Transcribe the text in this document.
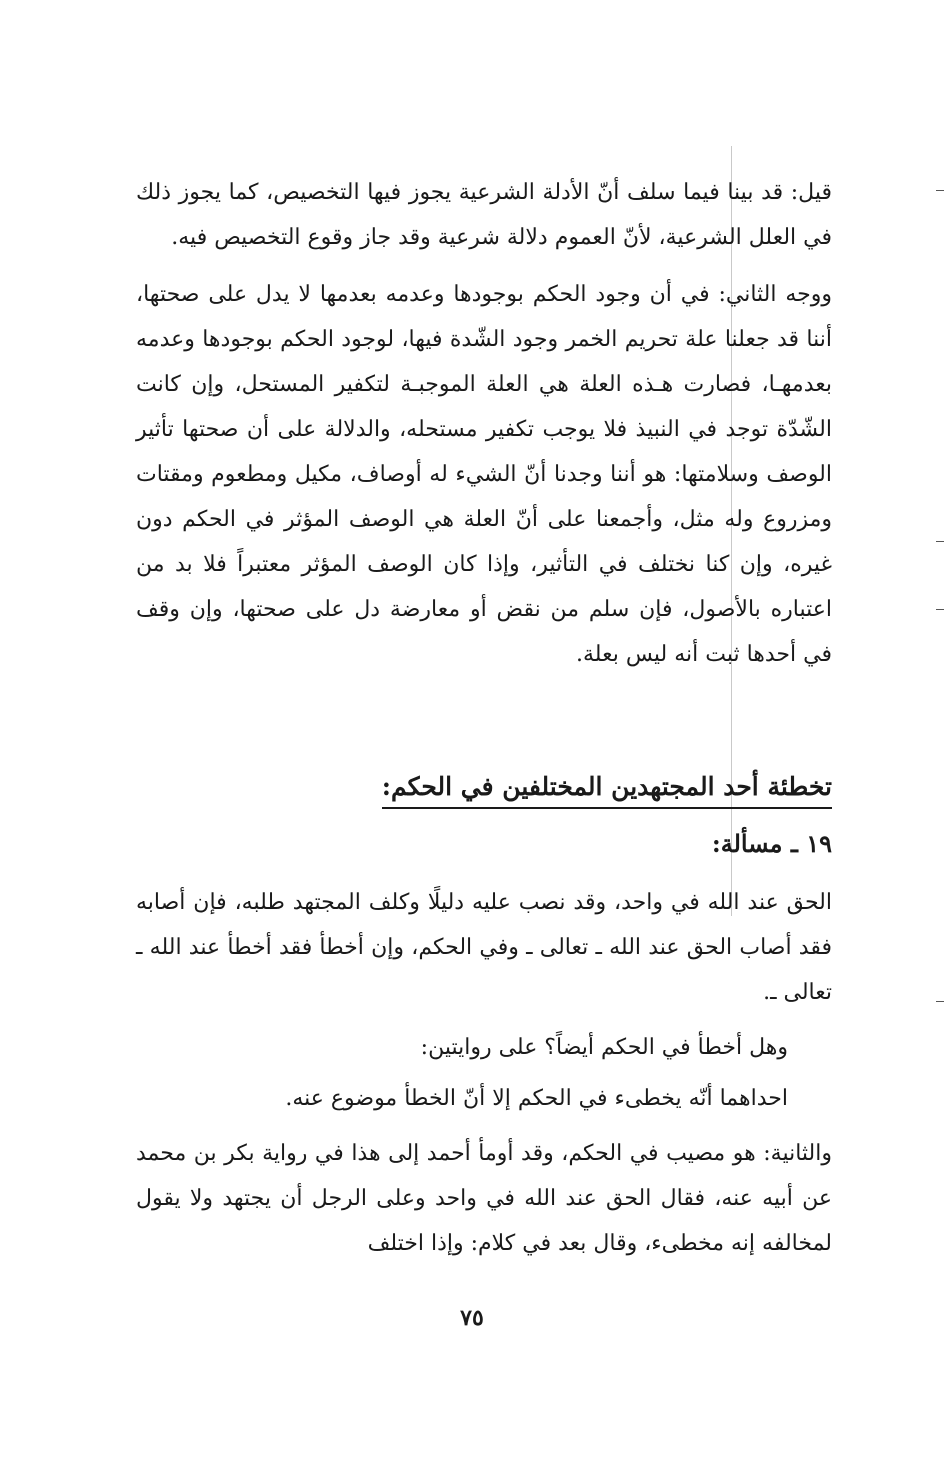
قيل: قد بينا فيما سلف أنّ الأدلة الشرعية يجوز فيها التخصيص، كما يجوز ذلك في العلل الشرعية، لأنّ العموم دلالة شرعية وقد جاز وقوع التخصيص فيه.

ووجه الثاني: في أن وجود الحكم بوجودها وعدمه بعدمها لا يدل على صحتها، أننا قد جعلنا علة تحريم الخمر وجود الشّدة فيها، لوجود الحكم بوجودها وعدمه بعدمهـا، فصارت هـذه العلة هي العلة الموجبـة لتكفير المستحل، وإن كانت الشّدّة توجد في النبيذ فلا يوجب تكفير مستحله، والدلالة على أن صحتها تأثير الوصف وسلامتها: هو أننا وجدنا أنّ الشيء له أوصاف، مكيل ومطعوم ومقتات ومزروع وله مثل، وأجمعنا على أنّ العلة هي الوصف المؤثر في الحكم دون غيره، وإن كنا نختلف في التأثير، وإذا كان الوصف المؤثر معتبراً فلا بد من اعتباره بالأصول، فإن سلم من نقض أو معارضة دل على صحتها، وإن وقف في أحدها ثبت أنه ليس بعلة.

تخطئة أحد المجتهدين المختلفين في الحكم:
١٩ ـ مسألة:

الحق عند الله في واحد، وقد نصب عليه دليلًا وكلف المجتهد طلبه، فإن أصابه فقد أصاب الحق عند الله ـ تعالى ـ وفي الحكم، وإن أخطأ فقد أخطأ عند الله ـ تعالى ـ.

وهل أخطأ في الحكم أيضاً؟ على روايتين:

احداهما أنّه يخطىء في الحكم إلا أنّ الخطأ موضوع عنه.

والثانية: هو مصيب في الحكم، وقد أومأ أحمد إلى هذا في رواية بكر بن محمد عن أبيه عنه، فقال الحق عند الله في واحد وعلى الرجل أن يجتهد ولا يقول لمخالفه إنه مخطىء، وقال بعد في كلام: وإذا اختلف

٧٥
